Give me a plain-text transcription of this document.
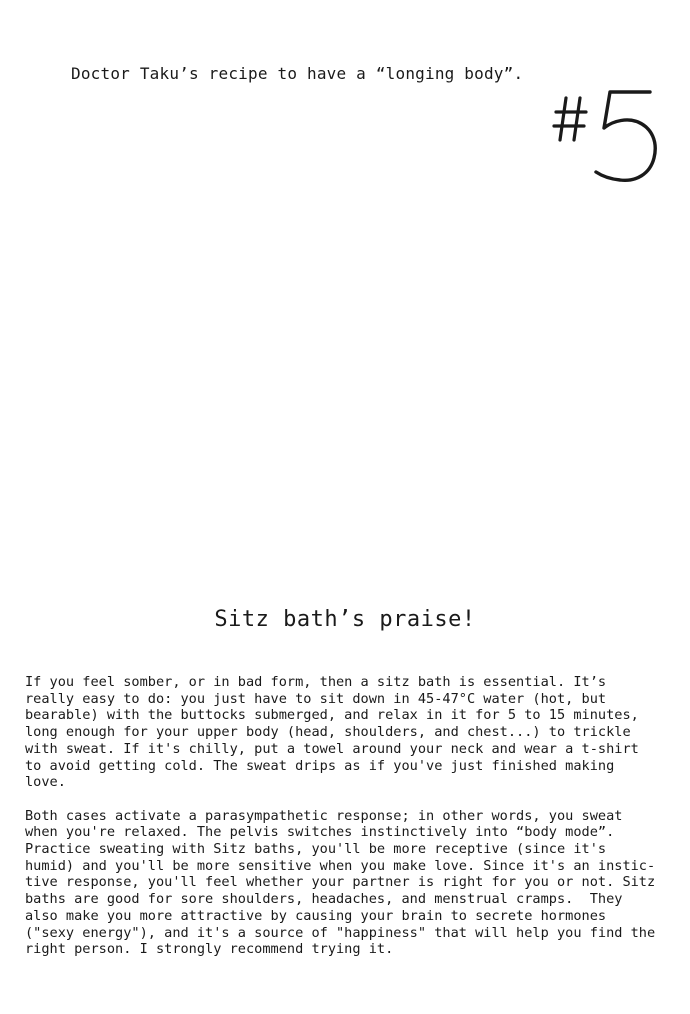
Doctor Taku’s recipe to have a “longing body”.
Sitz bath’s praise!

If you feel somber, or in bad form, then a sitz bath is essential. It’s
really easy to do: you just have to sit down in 45-47°C water (hot, but
bearable) with the buttocks submerged, and relax in it for 5 to 15 minutes,
long enough for your upper body (head, shoulders, and chest...) to trickle
with sweat. If it's chilly, put a towel around your neck and wear a t-shirt
to avoid getting cold. The sweat drips as if you've just finished making
love.

Both cases activate a parasympathetic response; in other words, you sweat
when you're relaxed. The pelvis switches instinctively into “body mode”.
Practice sweating with Sitz baths, you'll be more receptive (since it's
humid) and you'll be more sensitive when you make love. Since it's an instic-
tive response, you'll feel whether your partner is right for you or not. Sitz
baths are good for sore shoulders, headaches, and menstrual cramps.  They
also make you more attractive by causing your brain to secrete hormones
("sexy energy"), and it's a source of "happiness" that will help you find the
right person. I strongly recommend trying it.
